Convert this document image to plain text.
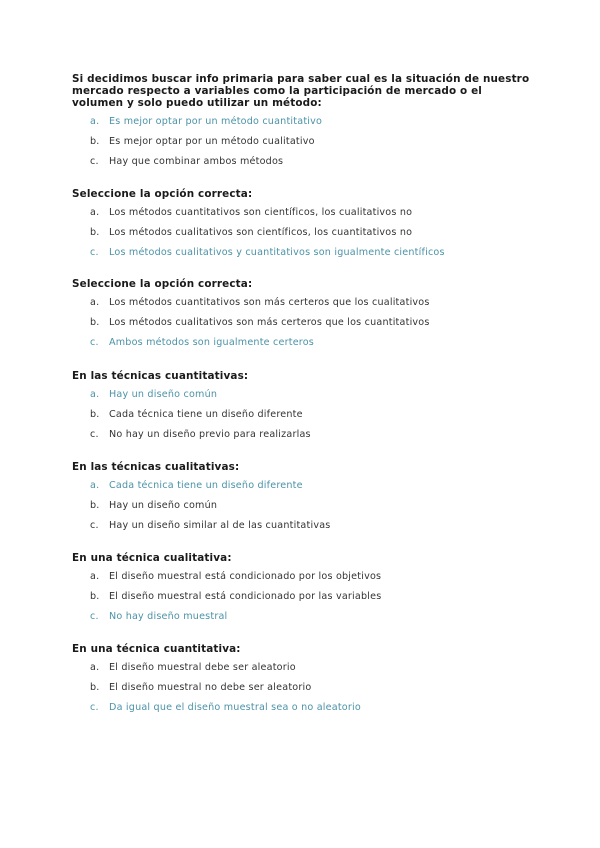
Si decidimos buscar info primaria para saber cual es la situación de nuestro mercado respecto a variables como la participación de mercado o el volumen y solo puedo utilizar un método:
a.	Es mejor optar por un método cuantitativo
b. Es mejor optar por un método cualitativo
c.	Hay que combinar ambos métodos
Seleccione la opción correcta:
a.	Los métodos cuantitativos son científicos, los cualitativos no
b. Los métodos cualitativos son científicos, los cuantitativos no
c.	Los métodos cualitativos y cuantitativos son igualmente científicos
Seleccione la opción correcta:
a.	Los métodos cuantitativos son más certeros que los cualitativos
b. Los métodos cualitativos son más certeros que los cuantitativos
c.	Ambos métodos son igualmente certeros
En las técnicas cuantitativas:
a.	Hay un diseño común
b. Cada técnica tiene un diseño diferente
c.	No hay un diseño previo para realizarlas
En las técnicas cualitativas:
a.	Cada técnica tiene un diseño diferente
b. Hay un diseño común
c.	Hay un diseño similar al de las cuantitativas
En una técnica cualitativa:
a.	El diseño muestral está condicionado por los objetivos
b. El diseño muestral está condicionado por las variables
c.	No hay diseño muestral
En una técnica cuantitativa:
a.	El diseño muestral debe ser aleatorio
b. El diseño muestral no debe ser aleatorio
c.	Da igual que el diseño muestral sea o no aleatorio
